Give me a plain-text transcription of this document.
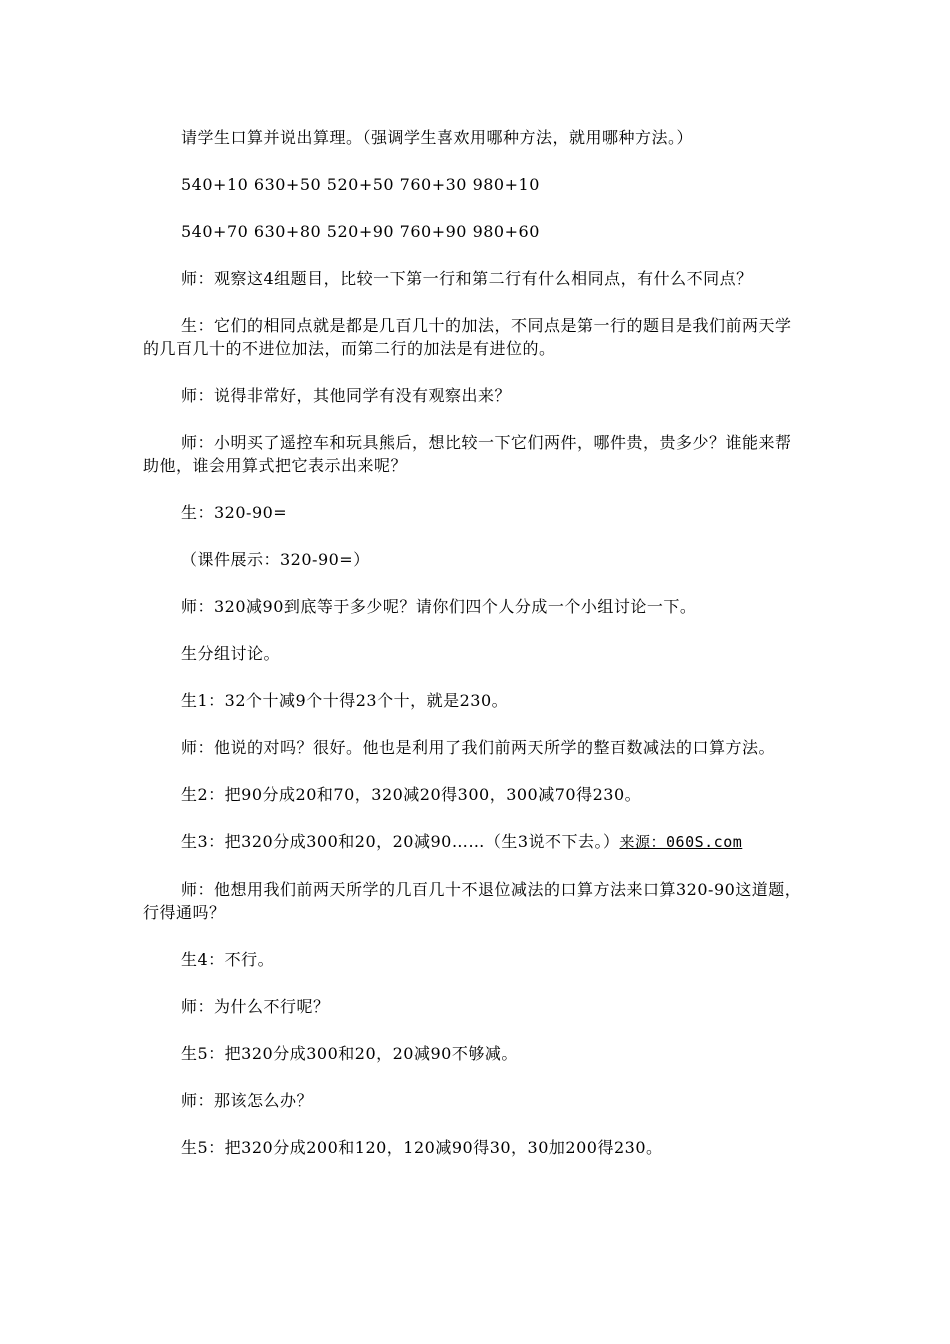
请学生口算并说出算理。（强调学生喜欢用哪种方法，就用哪种方法。）

540+10 630+50 520+50 760+30 980+10

540+70 630+80 520+90 760+90 980+60

师：观察这4组题目，比较一下第一行和第二行有什么相同点，有什么不同点？

生：它们的相同点就是都是几百几十的加法，不同点是第一行的题目是我们前两天学的几百几十的不进位加法，而第二行的加法是有进位的。

师：说得非常好，其他同学有没有观察出来？

师：小明买了遥控车和玩具熊后，想比较一下它们两件，哪件贵，贵多少？谁能来帮助他，谁会用算式把它表示出来呢？

生：320-90=

（课件展示：320-90=）

师：320减90到底等于多少呢？请你们四个人分成一个小组讨论一下。

生分组讨论。

生1：32个十减9个十得23个十，就是230。

师：他说的对吗？很好。他也是利用了我们前两天所学的整百数减法的口算方法。

生2：把90分成20和70，320减20得300，300减70得230。

生3：把320分成300和20，20减90……（生3说不下去。）来源：060S.com

师：他想用我们前两天所学的几百几十不退位减法的口算方法来口算320-90这道题，行得通吗？

生4：不行。

师：为什么不行呢？

生5：把320分成300和20，20减90不够减。

师：那该怎么办？

生5：把320分成200和120，120减90得30，30加200得230。
